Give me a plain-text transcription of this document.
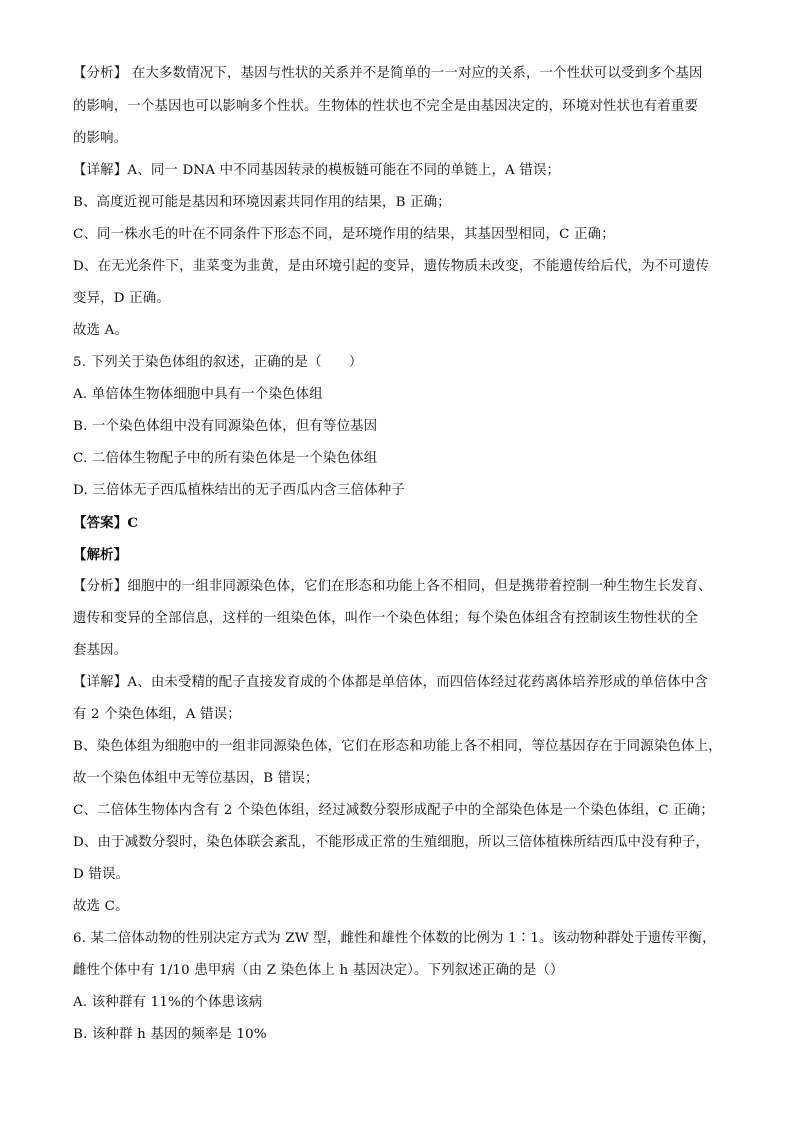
【分析】 在大多数情况下，基因与性状的关系并不是简单的一一对应的关系，一个性状可以受到多个基因
的影响，一个基因也可以影响多个性状。生物体的性状也不完全是由基因决定的，环境对性状也有着重要
的影响。
【详解】A、同一 DNA 中不同基因转录的模板链可能在不同的单链上，A 错误；
B、高度近视可能是基因和环境因素共同作用的结果，B 正确；
C、同一株水毛的叶在不同条件下形态不同，是环境作用的结果，其基因型相同，C 正确；
D、在无光条件下，韭菜变为韭黄，是由环境引起的变异，遗传物质未改变，不能遗传给后代，为不可遗传
变异，D 正确。
故选 A。
5. 下列关于染色体组的叙述，正确的是（　　）
A. 单倍体生物体细胞中具有一个染色体组
B. 一个染色体组中没有同源染色体，但有等位基因
C. 二倍体生物配子中的所有染色体是一个染色体组
D. 三倍体无子西瓜植株结出的无子西瓜内含三倍体种子
【答案】C
【解析】
【分析】细胞中的一组非同源染色体，它们在形态和功能上各不相同，但是携带着控制一种生物生长发育、
遗传和变异的全部信息，这样的一组染色体，叫作一个染色体组；每个染色体组含有控制该生物性状的全
套基因。
【详解】A、由未受精的配子直接发育成的个体都是单倍体，而四倍体经过花药离体培养形成的单倍体中含
有 2 个染色体组，A 错误；
B、染色体组为细胞中的一组非同源染色体，它们在形态和功能上各不相同，等位基因存在于同源染色体上，
故一个染色体组中无等位基因，B 错误；
C、二倍体生物体内含有 2 个染色体组，经过减数分裂形成配子中的全部染色体是一个染色体组，C 正确；
D、由于减数分裂时，染色体联会紊乱，不能形成正常的生殖细胞，所以三倍体植株所结西瓜中没有种子，
D 错误。
故选 C。
6. 某二倍体动物的性别决定方式为 ZW 型，雌性和雄性个体数的比例为 1∶1。该动物种群处于遗传平衡，
雌性个体中有 1/10 患甲病（由 Z 染色体上 h 基因决定）。下列叙述正确的是（）
A. 该种群有 11%的个体患该病
B. 该种群 h 基因的频率是 10%
